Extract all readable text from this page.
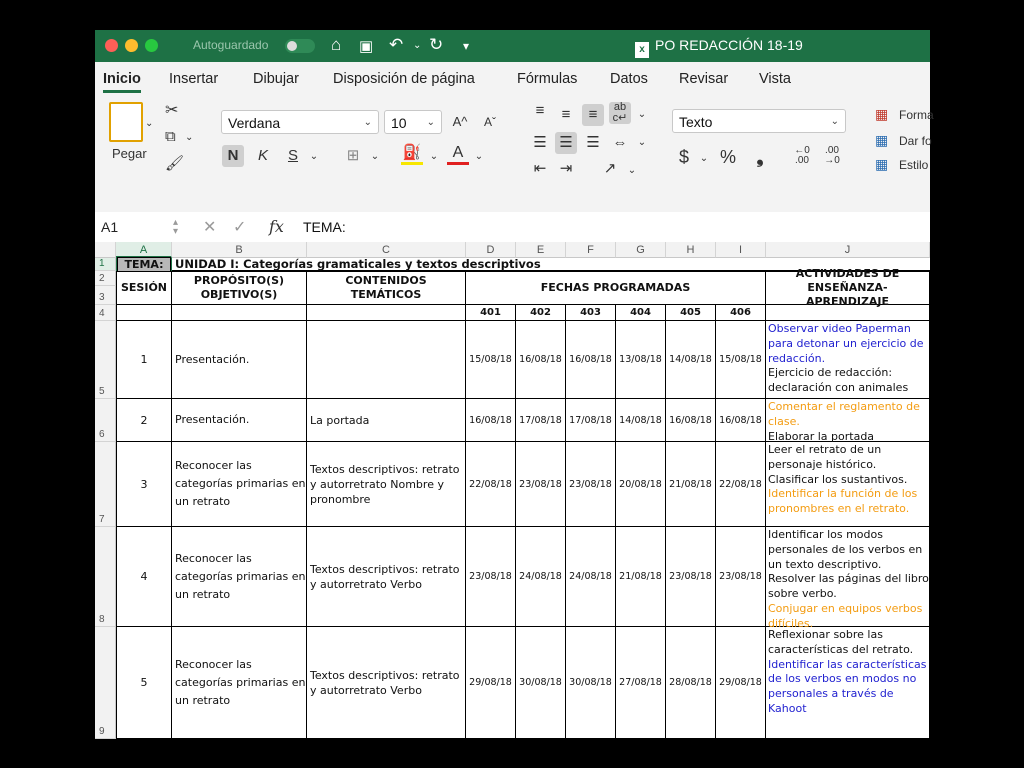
Autoguardado	⌂ ▣ ↶ ⌄ ↻ ▾	x PO REDACCIÓN 18-19
Inicio Insertar Dibujar Disposición de página	Fórmulas Datos Revisar Vista
⌄
Pegar
✂
⧉ ⌄
🖌
Verdana	⌄	10 ⌄ A^	Aˇ
N	K	S	⌄	⊞	⌄	⛽ ⌄ A	⌄
≡	≡	≡	ab
c↵	⌄
☰ ☰ ☰ ⇔	⌄
⇤ ⇥	↗	⌄
Texto	⌄
$	⌄ %	❟	←0
.00
.00
→0
▦ Forma
▦ Dar fo
▦ Estilo
A1	▴
▾ ✕ ✓ fx TEMA:
A	B	C	D	E	F	G	H	I	J
1
2
3
4
5
6
7
8
9
TEMA: UNIDAD I: Categorías gramaticales y textos descriptivos
SESIÓN
PROPÓSITO(S) OBJETIVO(S)
CONTENIDOS TEMÁTICOS
FECHAS PROGRAMADAS
ACTIVIDADES DE ENSEÑANZA-APRENDIZAJE
401	402	403	404	405	406
1	Presentación.	15/08/18 16/08/18 16/08/18 13/08/18 14/08/18 15/08/18
Observar video Paperman para detonar un ejercicio de redacción.
Ejercicio de redacción: declaración con animales
2	Presentación.	La portada	16/08/18 17/08/18 17/08/18 14/08/18 16/08/18 16/08/18
Comentar el reglamento de clase.
Elaborar la portada
3
Reconocer las categorías primarias en un retrato
Textos descriptivos: retrato y autorretrato Nombre y pronombre
22/08/18 23/08/18 23/08/18 20/08/18 21/08/18 22/08/18
Leer el retrato de un personaje histórico.
Clasificar los sustantivos.
Identificar la función de los pronombres en el retrato.
4
Reconocer las categorías primarias en un retrato
Textos descriptivos: retrato y autorretrato Verbo
23/08/18 24/08/18 24/08/18 21/08/18 23/08/18 23/08/18
Identificar los modos personales de los verbos en un texto descriptivo.
Resolver las páginas del libro sobre verbo.
Conjugar en equipos verbos difíciles.
5
Reconocer las categorías primarias en un retrato
Textos descriptivos: retrato y autorretrato Verbo
29/08/18 30/08/18 30/08/18 27/08/18 28/08/18 29/08/18
Reflexionar sobre las características del retrato.
Identificar las características de los verbos en modos no personales a través de Kahoot
